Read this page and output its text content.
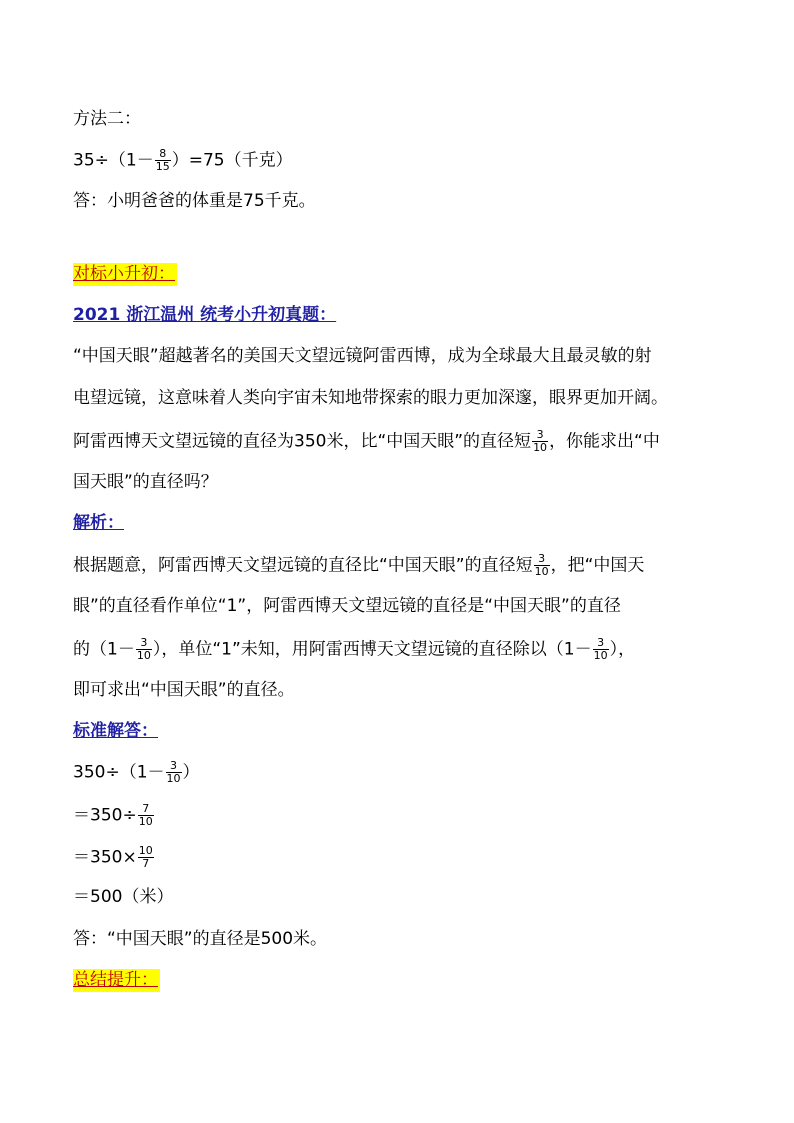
方法二：
$35\div(1- \frac{8}{15} )=75$（千克）
答：小明爸爸的体重是75千克。
对标小升初：
2021 浙江温州 统考小升初真题：
“中国天眼”超越著名的美国天文望远镜阿雷西博，成为全球最大且最灵敏的射
电望远镜，这意味着人类向宇宙未知地带探索的眼力更加深邃，眼界更加开阔。
阿雷西博天文望远镜的直径为350米，比“中国天眼”的直径短 $\frac{3}{10}$ ，你能求出“中
国天眼”的直径吗？
解析：
根据题意，阿雷西博天文望远镜的直径比“中国天眼”的直径短 $\frac{3}{10}$ ，把“中国天
眼”的直径看作单位“1”，阿雷西博天文望远镜的直径是“中国天眼”的直径
的（$1- \frac{3}{10}$ ），单位“1”未知，用阿雷西博天文望远镜的直径除以（$1- \frac{3}{10}$ ），
即可求出“中国天眼”的直径。
标准解答：
$350\div(1- \frac{3}{10}$ ）
$=350\div \frac{7}{10}$
$=350\times \frac{10}{7}$
＝500（米）
答：“中国天眼”的直径是500米。
总结提升：
